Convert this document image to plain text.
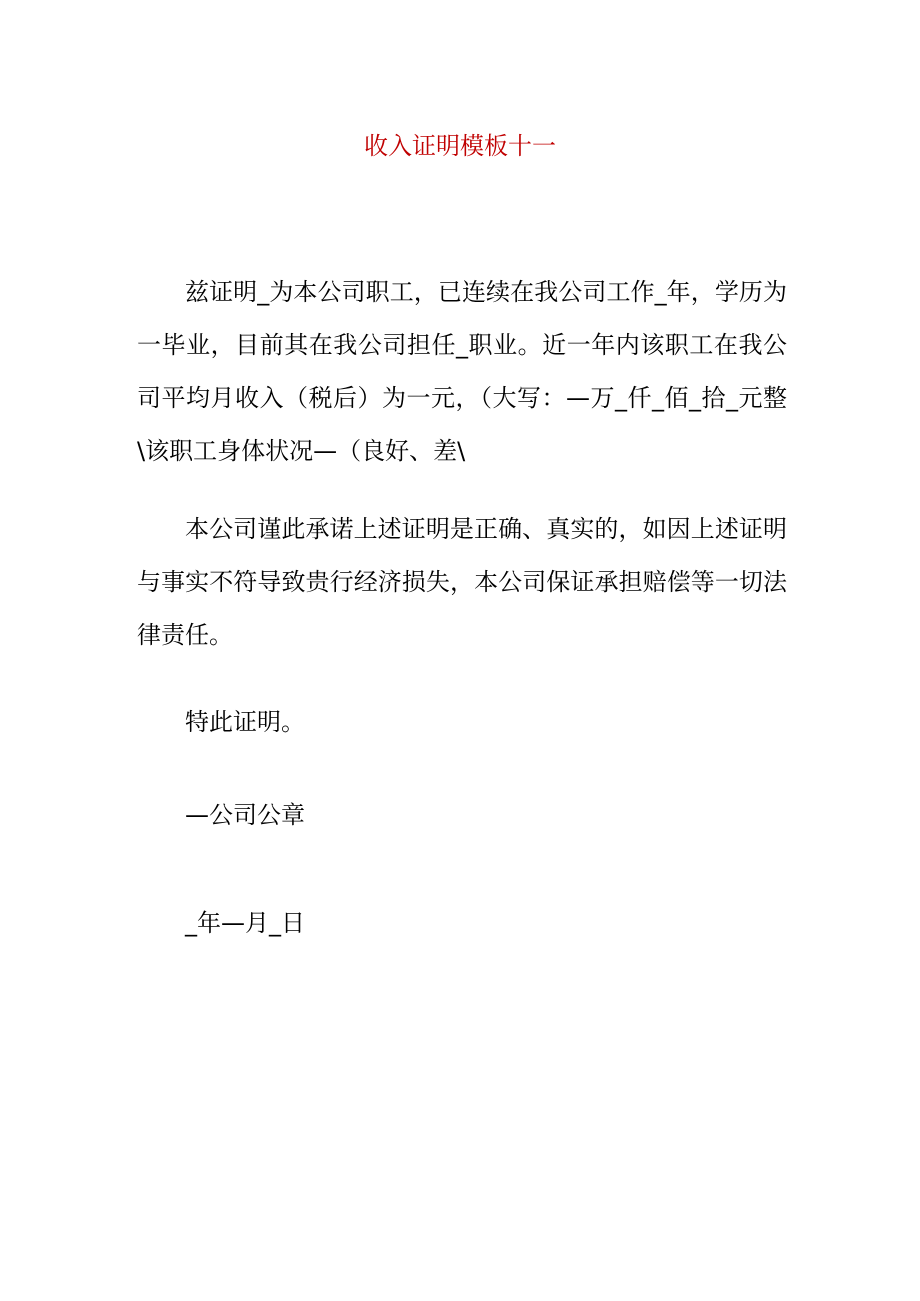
收入证明模板十一

兹证明_为本公司职工，已连续在我公司工作_年，学历为一毕业，目前其在我公司担任_职业。近一年内该职工在我公司平均月收入（税后）为一元，（大写：—万_仟_佰_拾_元整\该职工身体状况—（良好、差\

本公司谨此承诺上述证明是正确、真实的，如因上述证明与事实不符导致贵行经济损失，本公司保证承担赔偿等一切法律责任。

特此证明。

—公司公章

_年—月_日
